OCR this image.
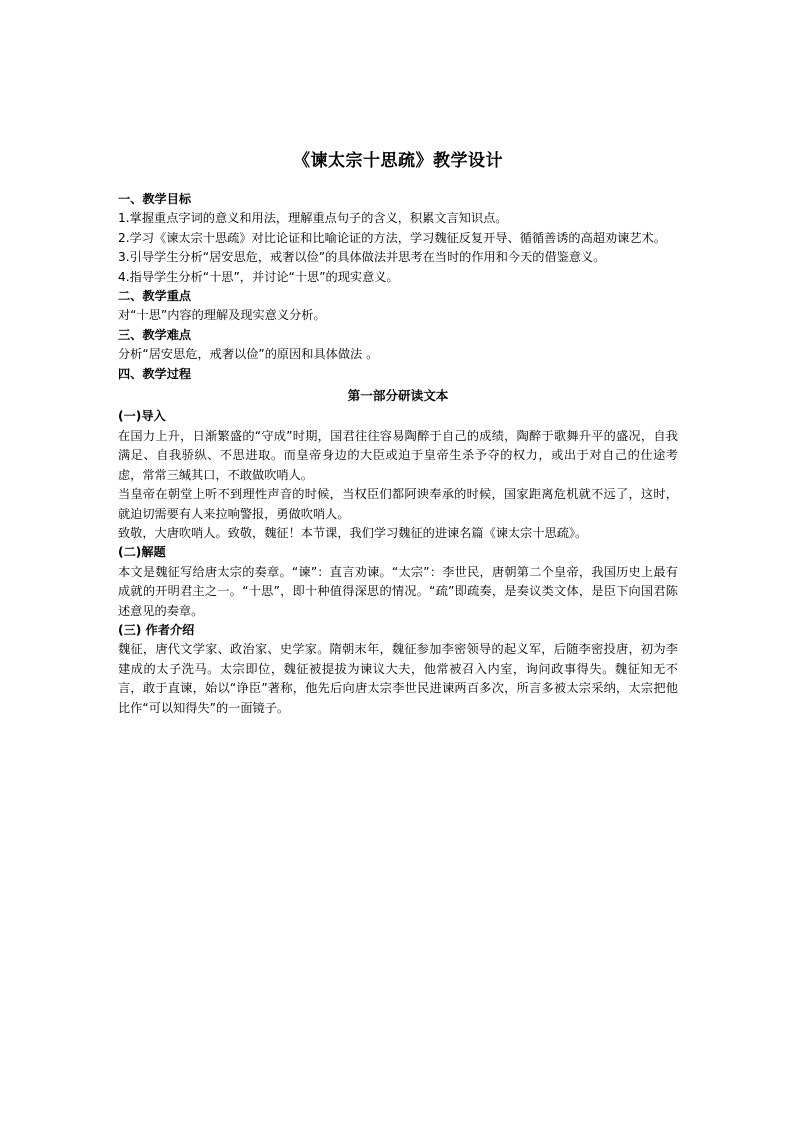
《谏太宗十思疏》教学设计

一、教学目标

1.掌握重点字词的意义和用法，理解重点句子的含义，积累文言知识点。

2.学习《谏太宗十思疏》对比论证和比喻论证的方法，学习魏征反复开导、循循善诱的高超劝谏艺术。

3.引导学生分析“居安思危，戒奢以俭”的具体做法并思考在当时的作用和今天的借鉴意义。

4.指导学生分析“十思”，并讨论“十思”的现实意义。

二、教学重点

对“十思”内容的理解及现实意义分析。

三、教学难点

分析“居安思危，戒奢以俭”的原因和具体做法 。

四、教学过程

第一部分研读文本

(一)导入

在国力上升，日渐繁盛的“守成”时期，国君往往容易陶醉于自己的成绩，陶醉于歌舞升平的盛况，自我满足、自我骄纵、不思进取。而皇帝身边的大臣或迫于皇帝生杀予夺的权力，或出于对自己的仕途考虑，常常三缄其口，不敢做吹哨人。

当皇帝在朝堂上听不到理性声音的时候，当权臣们都阿谀奉承的时候，国家距离危机就不远了，这时，就迫切需要有人来拉响警报，勇做吹哨人。

致敬，大唐吹哨人。致敬，魏征！本节课，我们学习魏征的进谏名篇《谏太宗十思疏》。

(二)解题

本文是魏征写给唐太宗的奏章。“谏”：直言劝谏。“太宗”：李世民，唐朝第二个皇帝，我国历史上最有成就的开明君主之一。“十思”，即十种值得深思的情况。“疏”即疏奏，是奏议类文体，是臣下向国君陈述意见的奏章。

(三) 作者介绍

魏征，唐代文学家、政治家、史学家。隋朝末年，魏征参加李密领导的起义军，后随李密投唐，初为李建成的太子洗马。太宗即位，魏征被提拔为谏议大夫，他常被召入内室，询问政事得失。魏征知无不言，敢于直谏，始以“诤臣”著称，他先后向唐太宗李世民进谏两百多次，所言多被太宗采纳，太宗把他比作“可以知得失”的一面镜子。
